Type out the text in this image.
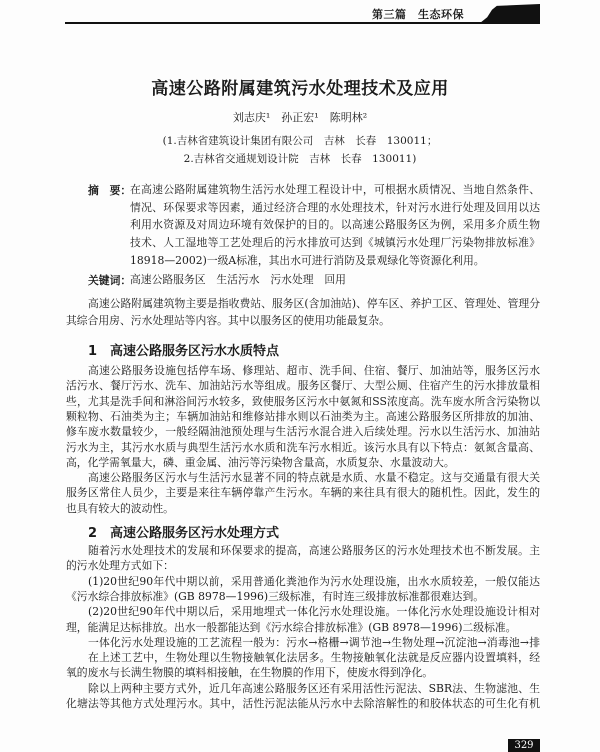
第三篇　生态环保
高速公路附属建筑污水处理技术及应用
刘志庆¹　孙正宏¹　陈明林²
(1.吉林省建筑设计集团有限公司　吉林　长春　130011；
2.吉林省交通规划设计院　吉林　长春　130011)
摘　要：
关键词：
高速公路服务区　生活污水　污水处理　回用
1　高速公路服务区污水水质特点
2　高速公路服务区污水处理方式
329
在高速公路附属建筑物生活污水处理工程设计中，可根据水质情况、当地自然条件、
情况、环保要求等因素，通过经济合理的水处理技术，针对污水进行处理及回用以达
利用水资源及对周边环境有效保护的目的。以高速公路服务区为例，采用多介质生物
技术、人工湿地等工艺处理后的污水排放可达到《城镇污水处理厂污染物排放标准》
18918—2002)一级A标准，其出水可进行消防及景观绿化等资源化利用。
高速公路附属建筑物主要是指收费站、服务区(含加油站)、停车区、养护工区、管理处、管理分
其综合用房、污水处理站等内容。其中以服务区的使用功能最复杂。
高速公路服务设施包括停车场、修理站、超市、洗手间、住宿、餐厅、加油站等，服务区污水
活污水、餐厅污水、洗车、加油站污水等组成。服务区餐厅、大型公厕、住宿产生的污水排放量相
些，尤其是洗手间和淋浴间污水较多，致使服务区污水中氨氮和SS浓度高。洗车废水所含污染物以
颗粒物、石油类为主；车辆加油站和维修站排水则以石油类为主。高速公路服务区所排放的加油、
修车废水数量较少，一般经隔油池预处理与生活污水混合进入后续处理。污水以生活污水、加油站
污水为主，其污水水质与典型生活污水水质和洗车污水相近。该污水具有以下特点：氨氮含量高、
高，化学需氧量大，磷、重金属、油污等污染物含量高，水质复杂、水量波动大。
高速公路服务区污水与生活污水显著不同的特点就是水质、水量不稳定。这与交通量有很大关
服务区常住人员少，主要是来往车辆停靠产生污水。车辆的来往具有很大的随机性。因此，发生的
也具有较大的波动性。
随着污水处理技术的发展和环保要求的提高，高速公路服务区的污水处理技术也不断发展。主
的污水处理方式如下：
(1)20世纪90年代中期以前，采用普通化粪池作为污水处理设施，出水水质较差，一般仅能达
《污水综合排放标准》(GB 8978—1996)三级标准，有时连三级排放标准都很难达到。
(2)20世纪90年代中期以后，采用地埋式一体化污水处理设施。一体化污水处理设施设计相对
理，能满足达标排放。出水一般都能达到《污水综合排放标准》(GB 8978—1996)二级标准。
一体化污水处理设施的工艺流程一般为：污水→格栅→调节池→生物处理→沉淀池→消毒池→排
在上述工艺中，生物处理以生物接触氧化法居多。生物接触氧化法就是反应器内设置填料，经
氧的废水与长满生物膜的填料相接触，在生物膜的作用下，使废水得到净化。
除以上两种主要方式外，近几年高速公路服务区还有采用活性污泥法、SBR法、生物滤池、生
化塘法等其他方式处理污水。其中，活性污泥法能从污水中去除溶解性的和胶体状态的可生化有机
